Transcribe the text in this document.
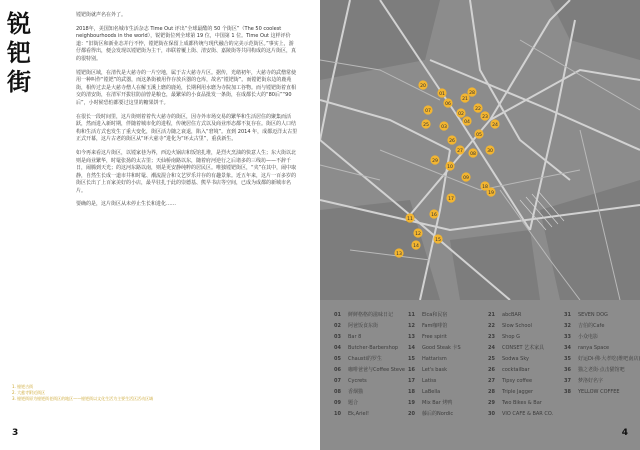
锐钯街

镗钯街就声名在外了。

2018年，美国知名城市生活杂志 Time Out 评出“全球最酷的 50 个街区”（The 50 coolest neighbourhoods in the world），锐钯街位列全球第 19 位，中国第 1 位。Time Out 这样评价道：“旧街区和新业态并行不悖，镗钯街在保留上成都传统与现代融合的完美示范街区。”事实上，游仔都看得出，便会发现以镗钯街为主干，串联着覆上街、清安街、嘉陵街等共同构成的这片街区，真的很特别。

镗钯街区域，在清代是大慈寺的一片空地，属于古大慈寺片区。据传，光绪初年，大慈寺的武僧常使用一种叫作“镗钯”的武器，而这条街被用作存放兵器的仓库，故名“镗钯街”。而镗钯街东边的鹿苑街，相传过去是大慈寺僧人在解玉溪上磨的鹿苑，长期利用水磨为寺院加工谷物。而与镗钯街着直相交的清安街，在清军开拔驻防前曾是粮仓，最繁荣的小食品批发一条街，在成都长大的“80后”“90 后”，小时候恐怕都要过这里的糖果饼干。

在很长一段时间里，这片街则着着代大慈寺的街区，因寺外市场交易的繁华和生活居住的聚集而活跃，然而进入新时期，伴随着城市化的进程，传统居住方式以及商业形态都不复存在。街区的人口结构和生活方式也发生了重大变化，街区活力随之衰退，陷入“窘境”。直到 2014 年，成都迈洋太古里正式开幕，这片古老的街区从“环大慈寺”进化为“环太古里”，重获新生。

如今再来看这片街区，以镗家巷为界，西边火锅店和饭馆扎堆，是烈火烹油的快意人生；东大街以北则是商业繁华，时髦张扬的太古里；天仙桥南路以东，随着府河逆行之后诸多的三线坊——不辞千日，闹腾到天光；的这河东路以南，则是更安静纯粹的居民区。唯独镗钯街区，“夹”在其中，闹中取静，自然生长成一道市井和时髦、潮流混合和文艺罗乐并存的有趣景象。近五年来，这片一百多岁的街区长出了上百家美好的小店，最早驻扎于此的崇德基、熊早书店等空间，已成为成都的新城市名片。

要确的是，这片街区从未停止生长和进化……

1. 镗钯古街
2. 大慈寺附近街区
3. 镗钯街原为镗钯街老街区的地区——镗钯街以文化生活为主要生活区活动区域
3
01
02
03
04
05
06
07
08
09
10
11
12
13
14
15
16
17
18
19
20
21
22
23
24
25
26
27
28
29
30
01 鲜鲜格格的滋味日记
02 阿爸饭食东街
03 Bar 8
04 Butcher·Barbershop
05 Chausti的罗生
06 咖啡爸爸与Coffee Steve
07 Cycrets
08 香烟猫
09 题合
10 Ek,Ariel!
11 Elca和民宿
12 Fam咖啡馆
13 Free spirit
14 Good Steak 卡S
15 Hattarism
16 Let's bask
17 Latiss
18 LaBella
19 Mix Bar 烤鸭
20 藤后的Nordic
21 abcBAR
22 Slow School
23 Shop G
24 CONSET 艺术家具
25 Sodwa Sky
26 cocktailbar
27 Tipsy coffee
28 Triple Jagger
29 Two Bikes & Bar
30 VIO CAFE & BAR CO.
31 SEVEN DOG
32 吉伯的Cafe
33 小众电影
34 ranya Space
35 好运Di·佛·大孝吃(维吧南店)
36 猫之老街·点击猫馆吧
37 梦洛好名字
38 YELLOW COFFEE
4
